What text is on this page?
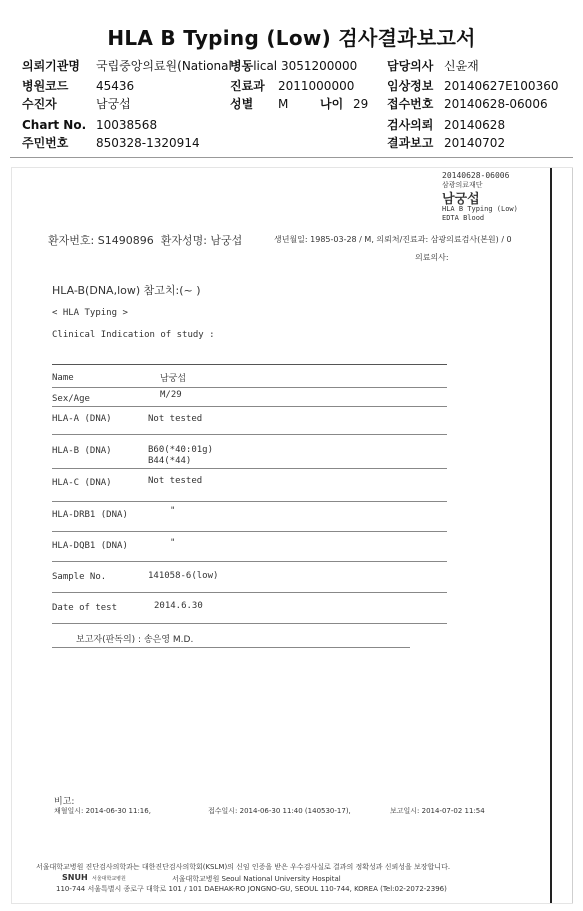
HLA B Typing (Low) 검사결과보고서
의뢰기관명 국립중앙의료원(National
병동lical 3051200000 담당의사 신윤재
병원코드 45436	진료과 2011000000	임상정보 20140627E100360
수진자	남궁섭	성별 M	나이 29 접수번호 20140628-06006
Chart No. 10038568	검사의뢰 20140628
주민번호 850328-1320914	결과보고 20140702
20140628-06006
삼광의료재단
남궁섭
HLA B Typing (Low)
EDTA Blood
환자번호: S1490896 환자성명: 남궁섭	생년월일: 1985-03-28 / M, 의뢰처/진료과: 삼광의료검사(본원) / 0
의료의사:
HLA-B(DNA,low) 참고치:(~ )
< HLA Typing >
Clinical Indication of study :
Name	남궁섭
Sex/Age	M/29
HLA-A (DNA)	Not tested
HLA-B (DNA)	B60(*40:01g)
B44(*44)
HLA-C (DNA)	Not tested
HLA-DRB1 (DNA)	"
HLA-DQB1 (DNA)	"
Sample No.	141058-6(low)
Date of test	2014.6.30
보고자(판독의) : 송은영 M.D.
비고:
채혈일시: 2014-06-30 11:16,	접수일시: 2014-06-30 11:40 (140530-17),	보고일시: 2014-07-02 11:54
서울대학교병원 진단검사의학과는 대한진단검사의학회(KSLM)의 신임 인증을 받은 우수검사실로 결과의 정확성과 신뢰성을 보장합니다.
SNUH 서울대학교병원	서울대학교병원 Seoul National University Hospital
110-744 서울특별시 종로구 대학로 101 / 101 DAEHAK-RO JONGNO-GU, SEOUL 110-744, KOREA (Tel:02-2072-2396)
